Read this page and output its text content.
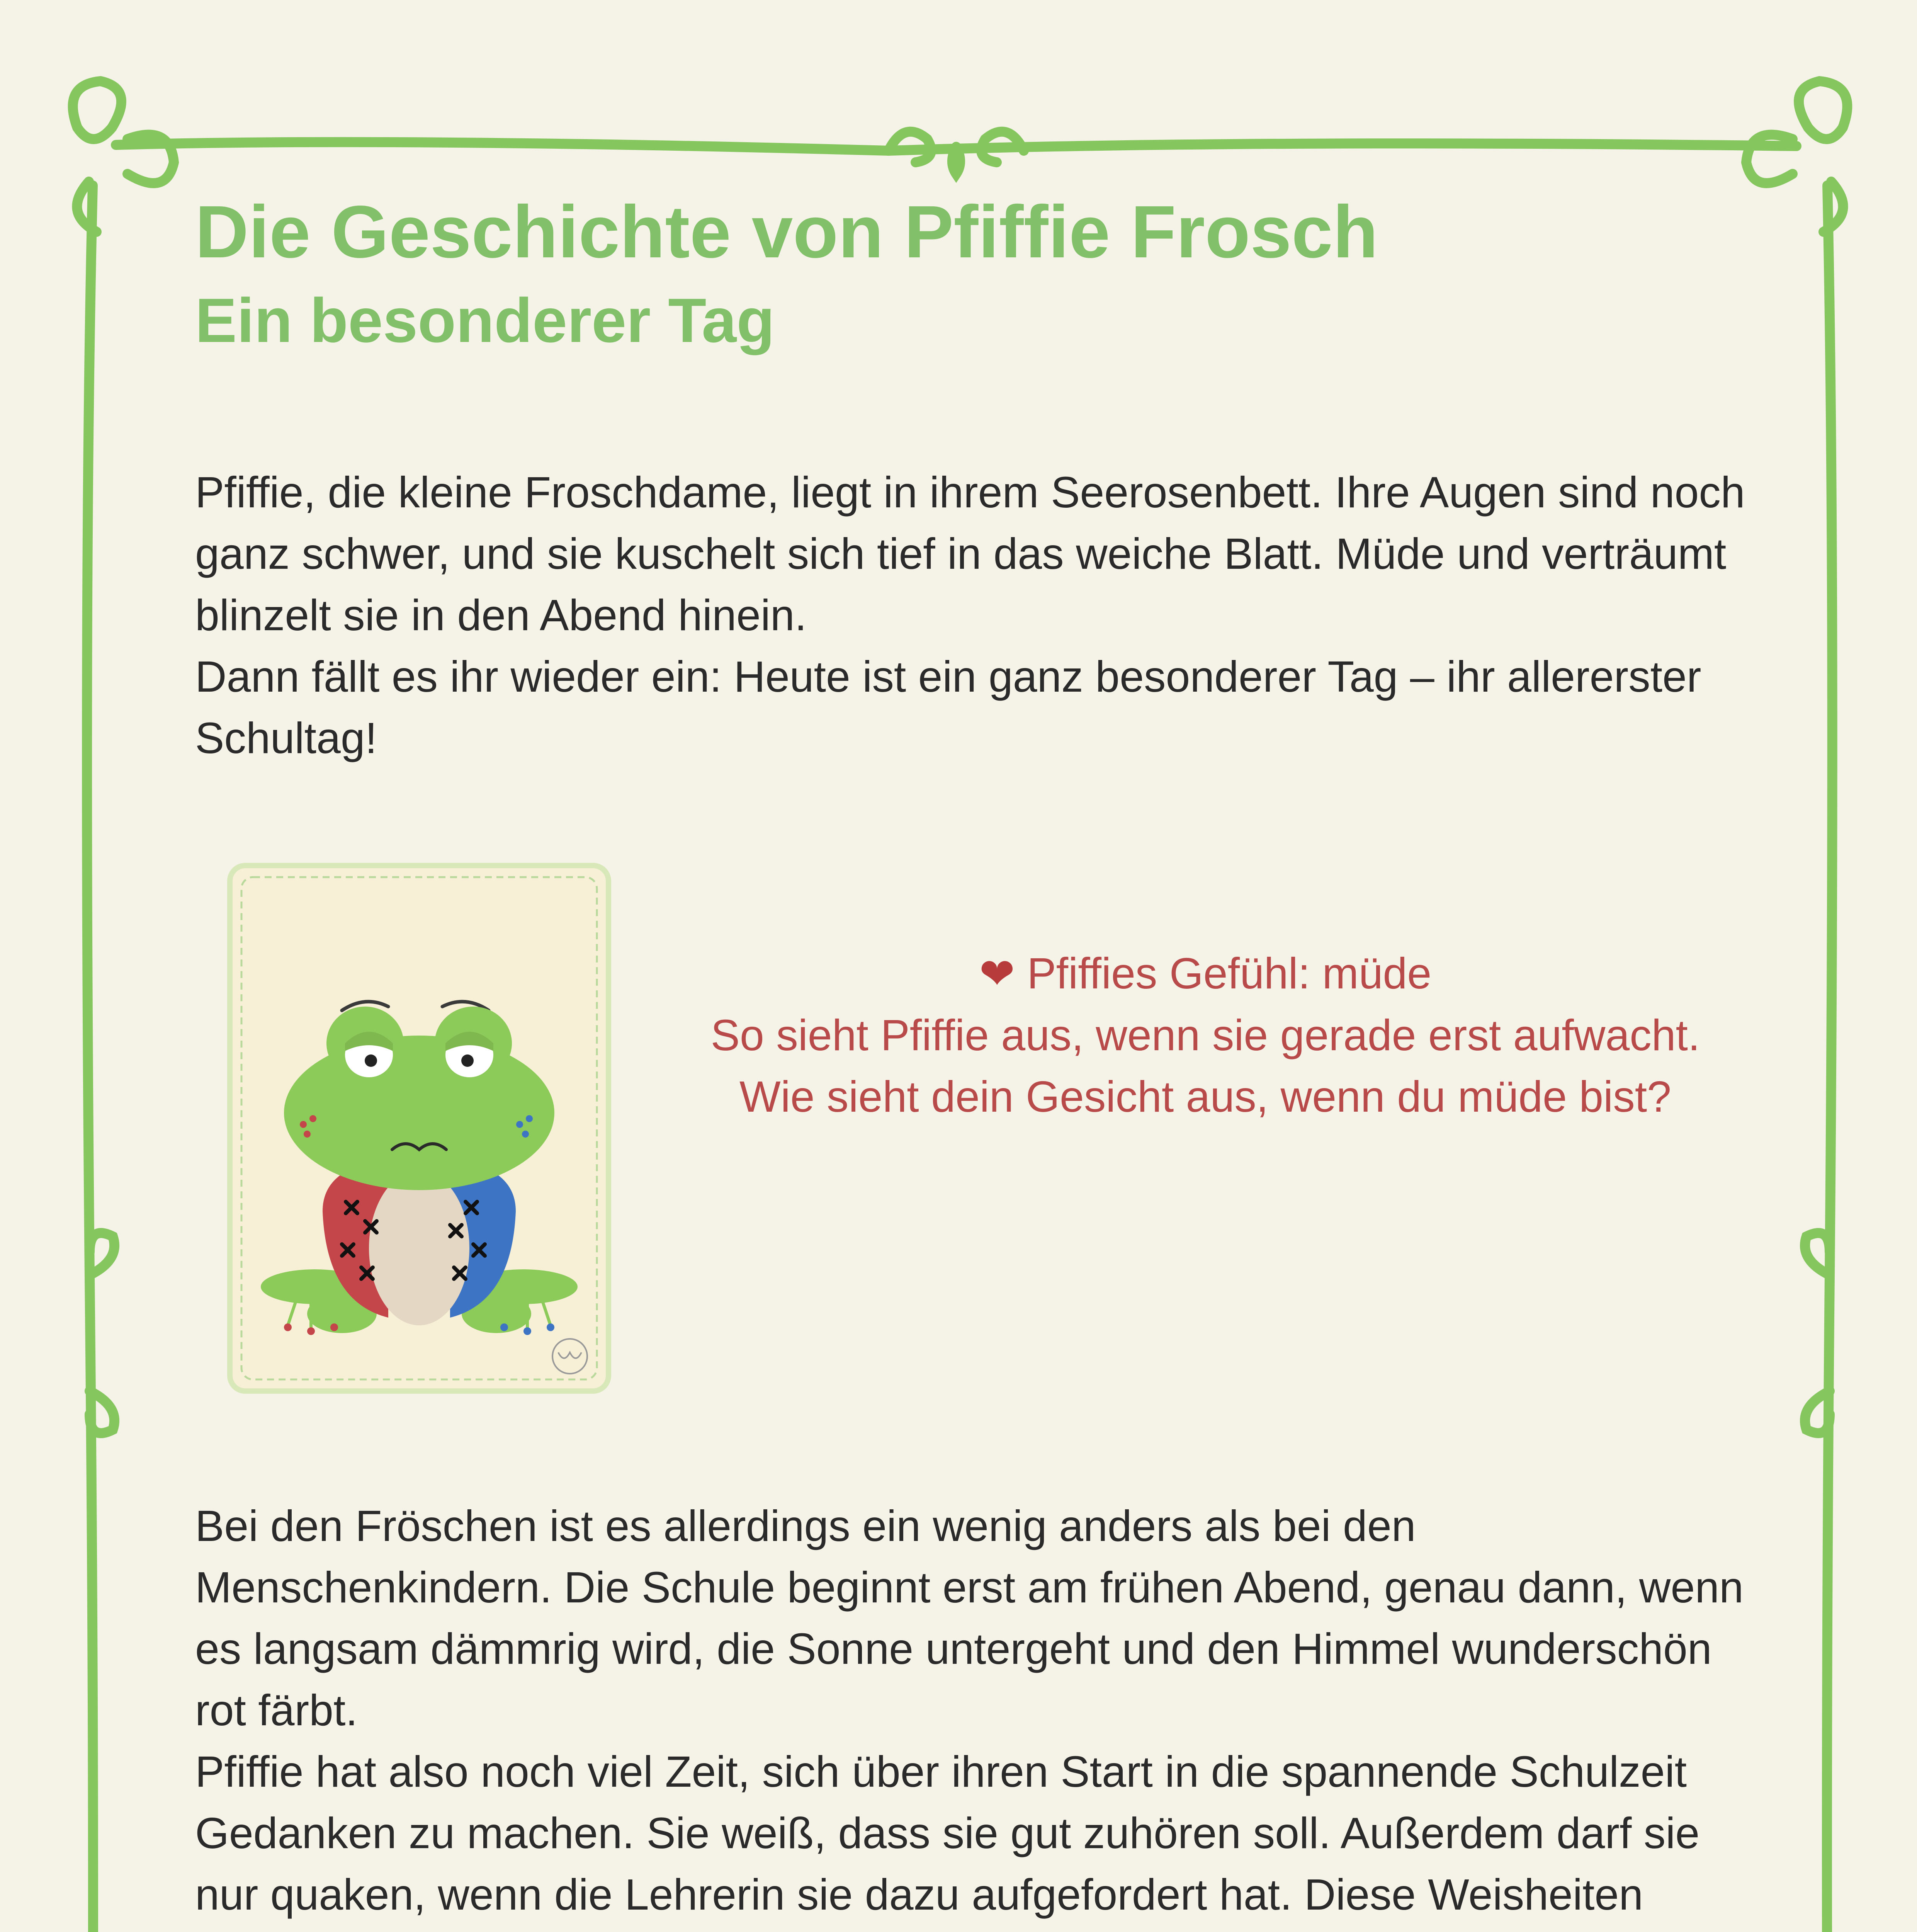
Die Geschichte von Pfiffie Frosch
Ein besonderer Tag

Pfiffie, die kleine Froschdame, liegt in ihrem Seerosenbett. Ihre Augen sind noch ganz schwer, und sie kuschelt sich tief in das weiche Blatt. Müde und verträumt blinzelt sie in den Abend hinein.

Dann fällt es ihr wieder ein: Heute ist ein ganz besonderer Tag – ihr allererster Schultag!

❤ Pfiffies Gefühl: müde
So sieht Pfiffie aus, wenn sie gerade erst aufwacht. Wie sieht dein Gesicht aus, wenn du müde bist?

Bei den Fröschen ist es allerdings ein wenig anders als bei den Menschenkindern. Die Schule beginnt erst am frühen Abend, genau dann, wenn es langsam dämmrig wird, die Sonne untergeht und den Himmel wunderschön rot färbt.

Pfiffie hat also noch viel Zeit, sich über ihren Start in die spannende Schulzeit Gedanken zu machen. Sie weiß, dass sie gut zuhören soll. Außerdem darf sie nur quaken, wenn die Lehrerin sie dazu aufgefordert hat. Diese Weisheiten
